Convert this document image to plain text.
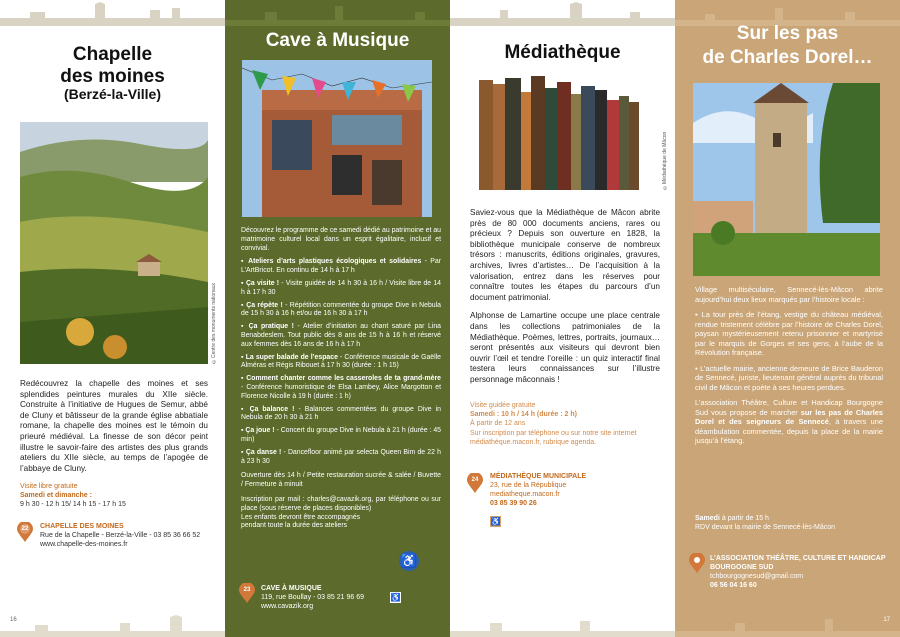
Chapelle
des moines
(Berzé-la-Ville)
©Centre des monuments nationaux
Redécouvrez la chapelle des moines et ses splendides peintures murales du XIIe siècle. Construite à l’initiative de Hugues de Semur, abbé de Cluny et bâtisseur de la grande église abbatiale romane, la chapelle des moines est le témoin du prieuré médiéval. La finesse de son décor peint illustre le savoir-faire des artistes des plus grands ateliers du XIIe siècle, au temps de l’apogée de l’abbaye de Cluny.
Visite libre gratuite
Samedi et dimanche :
9 h 30 - 12 h 15/ 14 h 15 - 17 h 15
22	CHAPELLE DES MOINES
Rue de la Chapelle - Berzé-la-Ville - 03 85 36 66 52
www.chapelle-des-moines.fr
16
Cave à Musique
Découvrez le programme de ce samedi dédié au patrimoine et au matrimoine culturel local dans un esprit égalitaire, inclusif et convivial.
▪ Ateliers d’arts plastiques écologiques et solidaires - Par L’ArtBricot. En continu de 14 h à 17 h
▪ Ça visite ! - Visite guidée de 14 h 30 à 16 h / Visite libre de 14 h à 17 h 30
▪ Ça répète ! - Répétition commentée du groupe Dive in Nebula de 15 h 30 à 16 h et/ou de 16 h 30 à 17 h
▪ Ça pratique ! - Atelier d’initiation au chant saturé par Lina Benabdeslem. Tout public dès 8 ans de 15 h à 16 h et réservé aux femmes dès 16 ans de 16 h à 17 h
▪ La super balade de l’espace - Conférence musicale de Gaëlle Alméras et Régis Ribouet à 17 h 30 (durée : 1 h 15)
▪ Comment chanter comme les casseroles de ta grand-mère - Conférence humoristique de Elsa Lambey, Alice Margotton et Florence Nicolle à 19 h (durée : 1 h)
▪ Ça balance ! - Balances commentées du groupe Dive in Nebula de 20 h 30 à 21 h
▪ Ça joue ! - Concert du groupe Dive in Nebula à 21 h (durée : 45 min)
▪ Ça danse ! - Dancefloor animé par selecta Queen Bim de 22 h à 23 h 30
Ouverture dès 14 h / Petite restauration sucrée & salée / Buvette / Fermeture à minuit
Inscription par mail : charles@cavazik.org, par téléphone ou sur place (sous réserve de places disponibles)
Les enfants devront être accompagnés
pendant toute la durée des ateliers
♿
23	CAVE À MUSIQUE
119, rue Boullay - 03 85 21 96 69
www.cavazik.org
♿
Médiathèque
©Médiathèque de Mâcon
Saviez-vous que la Médiathèque de Mâcon abrite près de 80 000 documents anciens, rares ou précieux ? Depuis son ouverture en 1828, la bibliothèque municipale conserve de nombreux trésors : manuscrits, éditions originales, gravures, archives, livres d’artistes… De l’acquisition à la valorisation, entrez dans les réserves pour connaître toutes les étapes du parcours d’un document patrimonial.
Alphonse de Lamartine occupe une place centrale dans les collections patrimoniales de la Médiathèque. Poèmes, lettres, portraits, journaux… seront présentés aux visiteurs qui devront bien ouvrir l’œil et tendre l’oreille : un quiz interactif final testera leurs connaissances sur l’illustre personnage mâconnais !
Visite guidée gratuite
Samedi : 10 h / 14 h (durée : 2 h)
À partir de 12 ans
Sur inscription par téléphone ou sur notre site internet médiathèque.macon.fr, rubrique agenda.
24	MÉDIATHÈQUE MUNICIPALE
23, rue de la République
mediatheque.macon.fr
03 85 39 90 26
♿
Sur les pas
de Charles Dorel…
Village multiséculaire, Sennecé-lès-Mâcon abrite aujourd’hui deux lieux marqués par l’histoire locale :
▪ La tour près de l’étang, vestige du château médiéval, rendue tristement célèbre par l’histoire de Charles Dorel, paysan mystérieusement retenu prisonnier et martyrisé par le marquis de Gorges et ses gens, à l’aube de la Révolution française.
▪ L’actuelle mairie, ancienne demeure de Brice Bauderon de Sennecé, juriste, lieutenant général auprès du tribunal civil de Mâcon et poète à ses heures perdues.
L’association Théâtre, Culture et Handicap Bourgogne Sud vous propose de marcher sur les pas de Charles Dorel et des seigneurs de Sennecé, à travers une déambulation commentée, depuis la place de la mairie jusqu’à l’étang.
Samedi à partir de 15 h
RDV devant la mairie de Sennecé-lès-Mâcon
L’ASSOCIATION THÉÂTRE, CULTURE ET HANDICAP
BOURGOGNE SUD
tchbourgognesud@gmail.com
06 56 04 16 60
17
